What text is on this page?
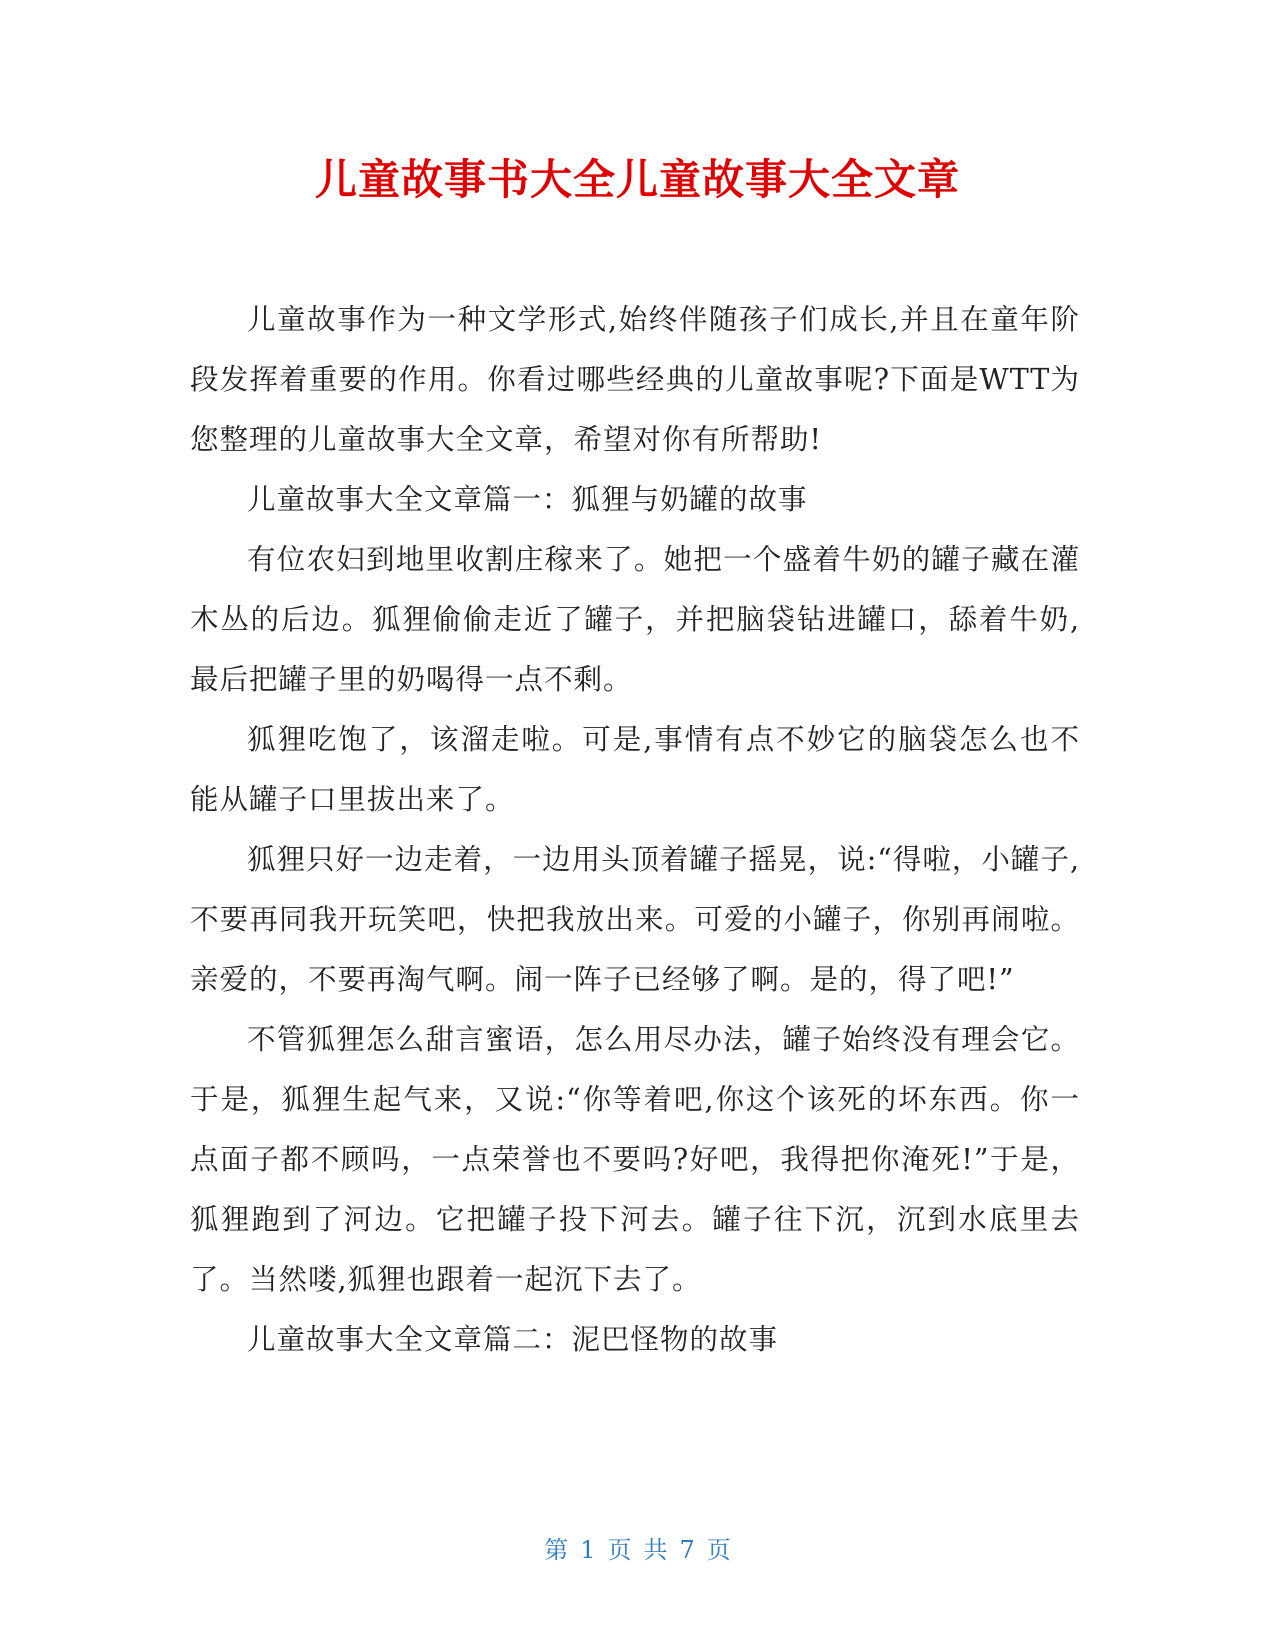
儿童故事书大全儿童故事大全文章

儿童故事作为一种文学形式,始终伴随孩子们成长,并且在童年阶段发挥着重要的作用。你看过哪些经典的儿童故事呢?下面是WTT为您整理的儿童故事大全文章，希望对你有所帮助!

儿童故事大全文章篇一：狐狸与奶罐的故事

有位农妇到地里收割庄稼来了。她把一个盛着牛奶的罐子藏在灌木丛的后边。狐狸偷偷走近了罐子，并把脑袋钻进罐口，舔着牛奶,最后把罐子里的奶喝得一点不剩。

狐狸吃饱了，该溜走啦。可是,事情有点不妙它的脑袋怎么也不能从罐子口里拔出来了。

狐狸只好一边走着，一边用头顶着罐子摇晃，说:“得啦，小罐子,不要再同我开玩笑吧，快把我放出来。可爱的小罐子，你别再闹啦。亲爱的，不要再淘气啊。闹一阵子已经够了啊。是的，得了吧!”

不管狐狸怎么甜言蜜语，怎么用尽办法，罐子始终没有理会它。于是，狐狸生起气来，又说:“你等着吧,你这个该死的坏东西。你一点面子都不顾吗，一点荣誉也不要吗?好吧，我得把你淹死!”于是，狐狸跑到了河边。它把罐子投下河去。罐子往下沉，沉到水底里去了。当然喽,狐狸也跟着一起沉下去了。

儿童故事大全文章篇二：泥巴怪物的故事

第 1 页 共 7 页
